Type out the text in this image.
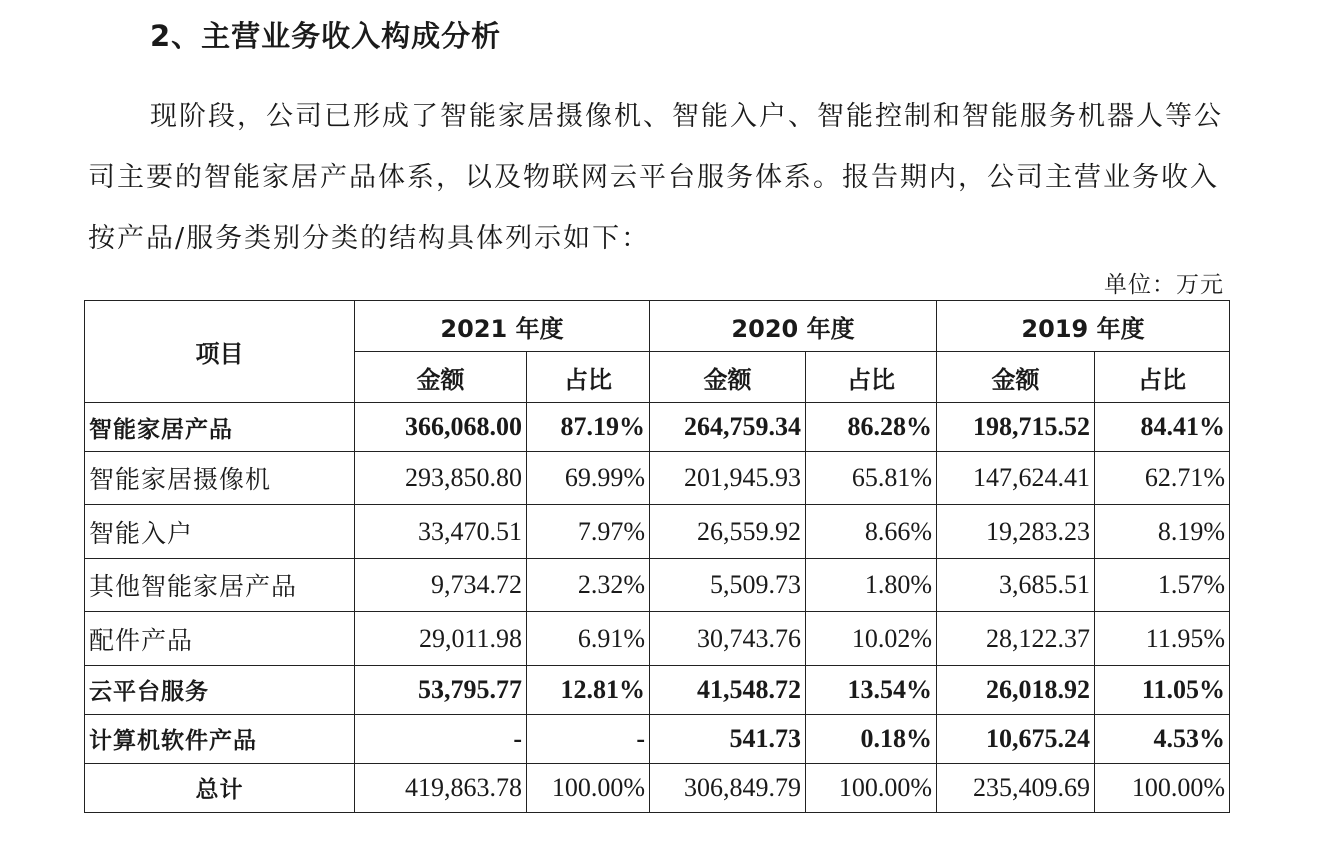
2、主营业务收入构成分析
现阶段，公司已形成了智能家居摄像机、智能入户、智能控制和智能服务机器人等公司主要的智能家居产品体系，以及物联网云平台服务体系。报告期内，公司主营业务收入按产品/服务类别分类的结构具体列示如下：
单位：万元
项目	2021 年度		2020 年度		2019 年度	
	金额	占比	金额	占比	金额	占比
智能家居产品	366,068.00	87.19%	264,759.34	86.28%	198,715.52	84.41%
智能家居摄像机	293,850.80	69.99%	201,945.93	65.81%	147,624.41	62.71%
智能入户	33,470.51	7.97%	26,559.92	8.66%	19,283.23	8.19%
其他智能家居产品	9,734.72	2.32%	5,509.73	1.80%	3,685.51	1.57%
配件产品	29,011.98	6.91%	30,743.76	10.02%	28,122.37	11.95%
云平台服务	53,795.77	12.81%	41,548.72	13.54%	26,018.92	11.05%
计算机软件产品	-	-	541.73	0.18%	10,675.24	4.53%
总计	419,863.78	100.00%	306,849.79	100.00%	235,409.69	100.00%
